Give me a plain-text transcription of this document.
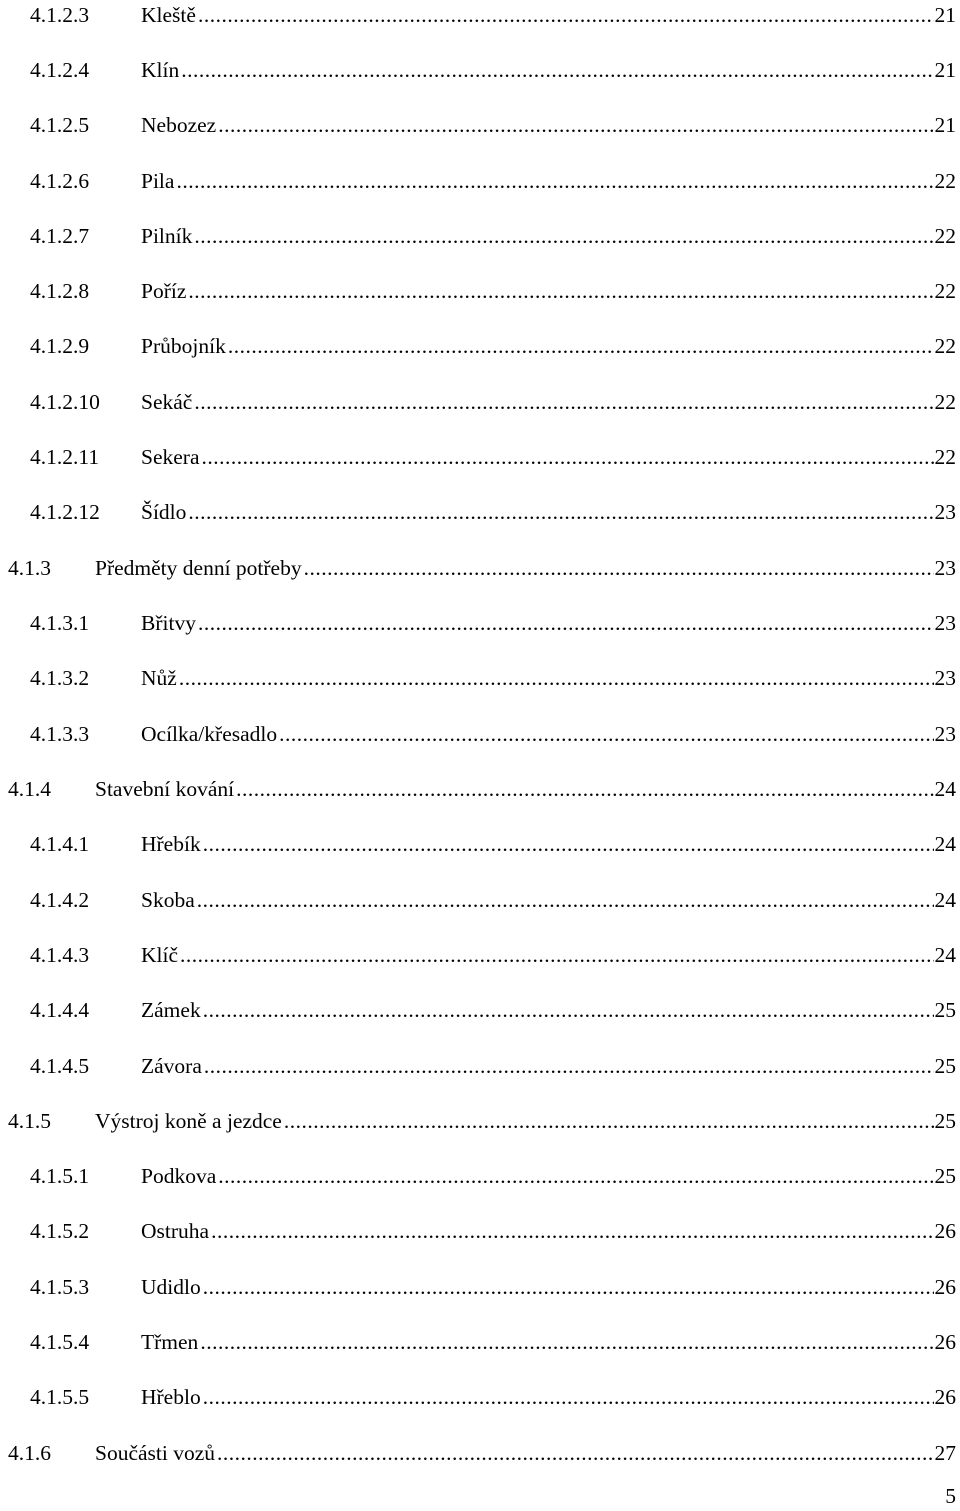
4.1.2.3 Kleště .....	21
4.1.2.4 Klín .....	21
4.1.2.5 Nebozez .....	21
4.1.2.6 Pila .....	22
4.1.2.7 Pilník .....	22
4.1.2.8 Poříz .....	22
4.1.2.9 Průbojník .....	22
4.1.2.10 Sekáč .....	22
4.1.2.11 Sekera .....	22
4.1.2.12 Šídlo .....	23
4.1.3 Předměty denní potřeby .....	23
4.1.3.1 Břitvy .....	23
4.1.3.2 Nůž .....	23
4.1.3.3 Ocílka/křesadlo .....	23
4.1.4 Stavební kování .....	24
4.1.4.1 Hřebík .....	24
4.1.4.2 Skoba .....	24
4.1.4.3 Klíč .....	24
4.1.4.4 Zámek .....	25
4.1.4.5 Závora .....	25
4.1.5 Výstroj koně a jezdce .....	25
4.1.5.1 Podkova .....	25
4.1.5.2 Ostruha .....	26
4.1.5.3 Udidlo .....	26
4.1.5.4 Třmen .....	26
4.1.5.5 Hřeblo .....	26
4.1.6 Součásti vozů .....	27
5
